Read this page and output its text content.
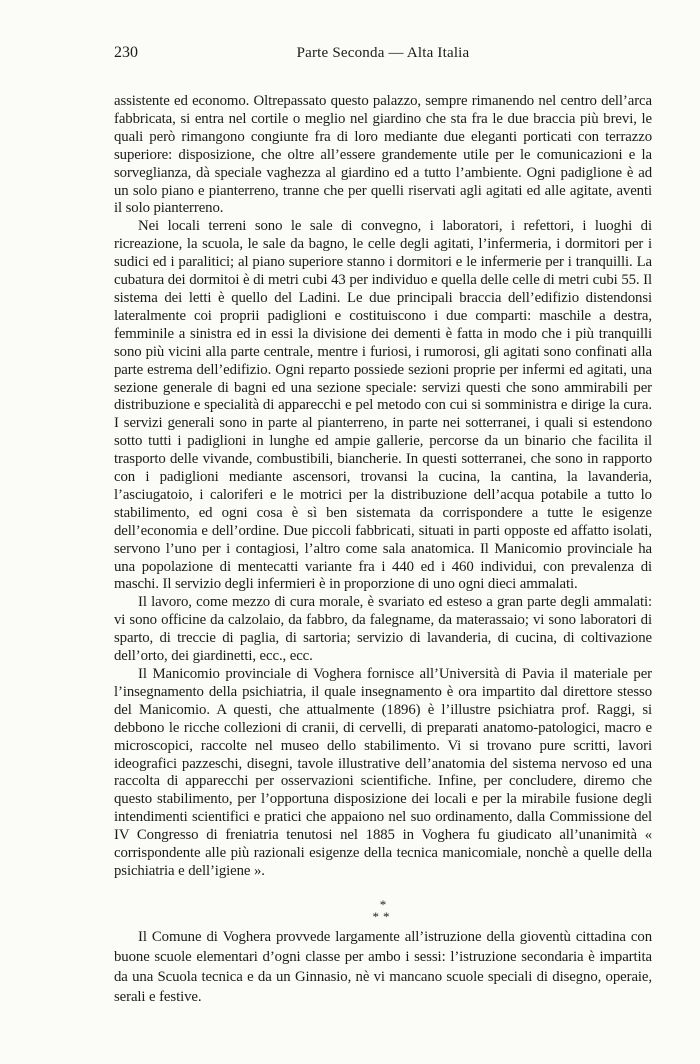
230	Parte Seconda — Alta Italia

assistente ed economo. Oltrepassato questo palazzo, sempre rimanendo nel centro dell’arca fabbricata, si entra nel cortile o meglio nel giardino che sta fra le due braccia più brevi, le quali però rimangono congiunte fra di loro mediante due eleganti porticati con terrazzo superiore: disposizione, che oltre all’essere grandemente utile per le comunicazioni e la sorveglianza, dà speciale vaghezza al giardino ed a tutto l’ambiente. Ogni padiglione è ad un solo piano e pianterreno, tranne che per quelli riservati agli agitati ed alle agitate, aventi il solo pianterreno.

Nei locali terreni sono le sale di convegno, i laboratori, i refettori, i luoghi di ricreazione, la scuola, le sale da bagno, le celle degli agitati, l’infermeria, i dormitori per i sudici ed i paralitici; al piano superiore stanno i dormitori e le infermerie per i tranquilli. La cubatura dei dormitoi è di metri cubi 43 per individuo e quella delle celle di metri cubi 55. Il sistema dei letti è quello del Ladini. Le due principali braccia dell’edifizio distendonsi lateralmente coi proprii padiglioni e costituiscono i due comparti: maschile a destra, femminile a sinistra ed in essi la divisione dei dementi è fatta in modo che i più tranquilli sono più vicini alla parte centrale, mentre i furiosi, i rumorosi, gli agitati sono confinati alla parte estrema dell’edifizio. Ogni reparto possiede sezioni proprie per infermi ed agitati, una sezione generale di bagni ed una sezione speciale: servizi questi che sono ammirabili per distribuzione e specialità di apparecchi e pel metodo con cui si somministra e dirige la cura. I servizi generali sono in parte al pianterreno, in parte nei sotterranei, i quali si estendono sotto tutti i padiglioni in lunghe ed ampie gallerie, percorse da un binario che facilita il trasporto delle vivande, combustibili, biancherie. In questi sotterranei, che sono in rapporto con i padiglioni mediante ascensori, trovansi la cucina, la cantina, la lavanderia, l’asciugatoio, i caloriferi e le motrici per la distribuzione dell’acqua potabile a tutto lo stabilimento, ed ogni cosa è sì ben sistemata da corrispondere a tutte le esigenze dell’economia e dell’ordine. Due piccoli fabbricati, situati in parti opposte ed affatto isolati, servono l’uno per i contagiosi, l’altro come sala anatomica. Il Manicomio provinciale ha una popolazione di mentecatti variante fra i 440 ed i 460 individui, con prevalenza di maschi. Il servizio degli infermieri è in proporzione di uno ogni dieci ammalati.

Il lavoro, come mezzo di cura morale, è svariato ed esteso a gran parte degli ammalati: vi sono officine da calzolaio, da fabbro, da falegname, da materassaio; vi sono laboratori di sparto, di treccie di paglia, di sartoria; servizio di lavanderia, di cucina, di coltivazione dell’orto, dei giardinetti, ecc., ecc.

Il Manicomio provinciale di Voghera fornisce all’Università di Pavia il materiale per l’insegnamento della psichiatria, il quale insegnamento è ora impartito dal direttore stesso del Manicomio. A questi, che attualmente (1896) è l’illustre psichiatra prof. Raggi, si debbono le ricche collezioni di cranii, di cervelli, di preparati anatomo-patologici, macro e microscopici, raccolte nel museo dello stabilimento. Vi si trovano pure scritti, lavori ideografici pazzeschi, disegni, tavole illustrative dell’anatomia del sistema nervoso ed una raccolta di apparecchi per osservazioni scientifiche. Infine, per concludere, diremo che questo stabilimento, per l’opportuna disposizione dei locali e per la mirabile fusione degli intendimenti scientifici e pratici che appaiono nel suo ordinamento, dalla Commissione del IV Congresso di freniatria tenutosi nel 1885 in Voghera fu giudicato all’unanimità « corrispondente alle più razionali esigenze della tecnica manicomiale, nonchè a quelle della psichiatria e dell’igiene ».

*
**

Il Comune di Voghera provvede largamente all’istruzione della gioventù cittadina con buone scuole elementari d’ogni classe per ambo i sessi: l’istruzione secondaria è impartita da una Scuola tecnica e da un Ginnasio, nè vi mancano scuole speciali di disegno, operaie, serali e festive.
